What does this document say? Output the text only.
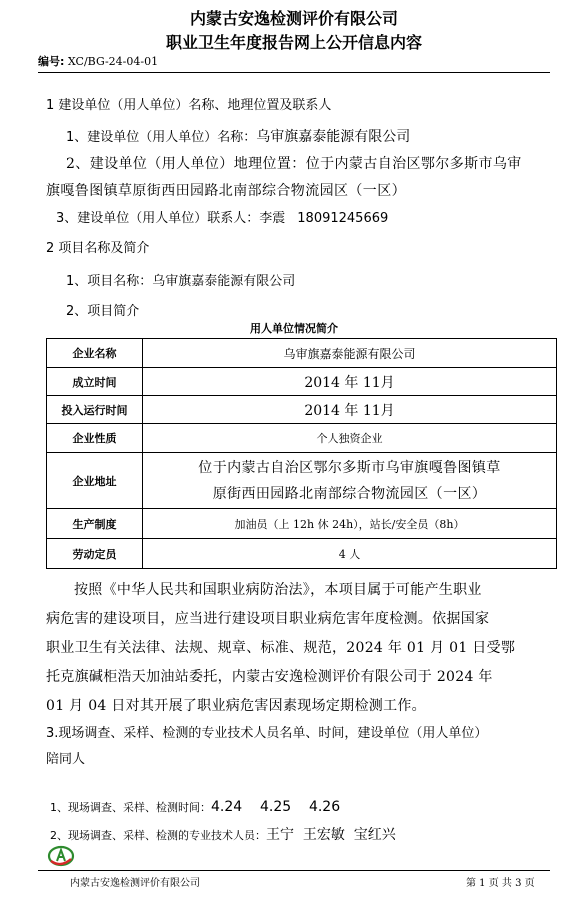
内蒙古安逸检测评价有限公司
职业卫生年度报告网上公开信息内容
编号: XC/BG-24-04-01
1 建设单位（用人单位）名称、地理位置及联系人
1、建设单位（用人单位）名称：乌审旗嘉泰能源有限公司
2、建设单位（用人单位）地理位置：位于内蒙古自治区鄂尔多斯市乌审
旗嘎鲁图镇草原街西田园路北南部综合物流园区（一区）
3、建设单位（用人单位）联系人：李震 18091245669
2 项目名称及简介
1、项目名称：乌审旗嘉泰能源有限公司
2、项目简介
用人单位情况简介
企业名称	乌审旗嘉泰能源有限公司
成立时间	2014 年 11月
投入运行时间	2014 年 11月
企业性质	个人独资企业
企业地址	位于内蒙古自治区鄂尔多斯市乌审旗嘎鲁图镇草
原街西田园路北南部综合物流园区（一区）

生产制度	加油员（上 12h 休 24h），站长/安全员（8h）
劳动定员	4 人
按照《中华人民共和国职业病防治法》，本项目属于可能产生职业
病危害的建设项目，应当进行建设项目职业病危害年度检测。依据国家
职业卫生有关法律、法规、规章、标准、规范，2024 年 01 月 01 日受鄂
托克旗碱柜浩天加油站委托，内蒙古安逸检测评价有限公司于 2024 年
01 月 04 日对其开展了职业病危害因素现场定期检测工作。
3.现场调查、采样、检测的专业技术人员名单、时间，建设单位（用人单位）
陪同人
1、现场调查、采样、检测时间：4.24    4.25    4.26
2、现场调查、采样、检测的专业技术人员：王宁  王宏敏  宝红兴
内蒙古安逸检测评价有限公司	第 1 页 共 3 页
